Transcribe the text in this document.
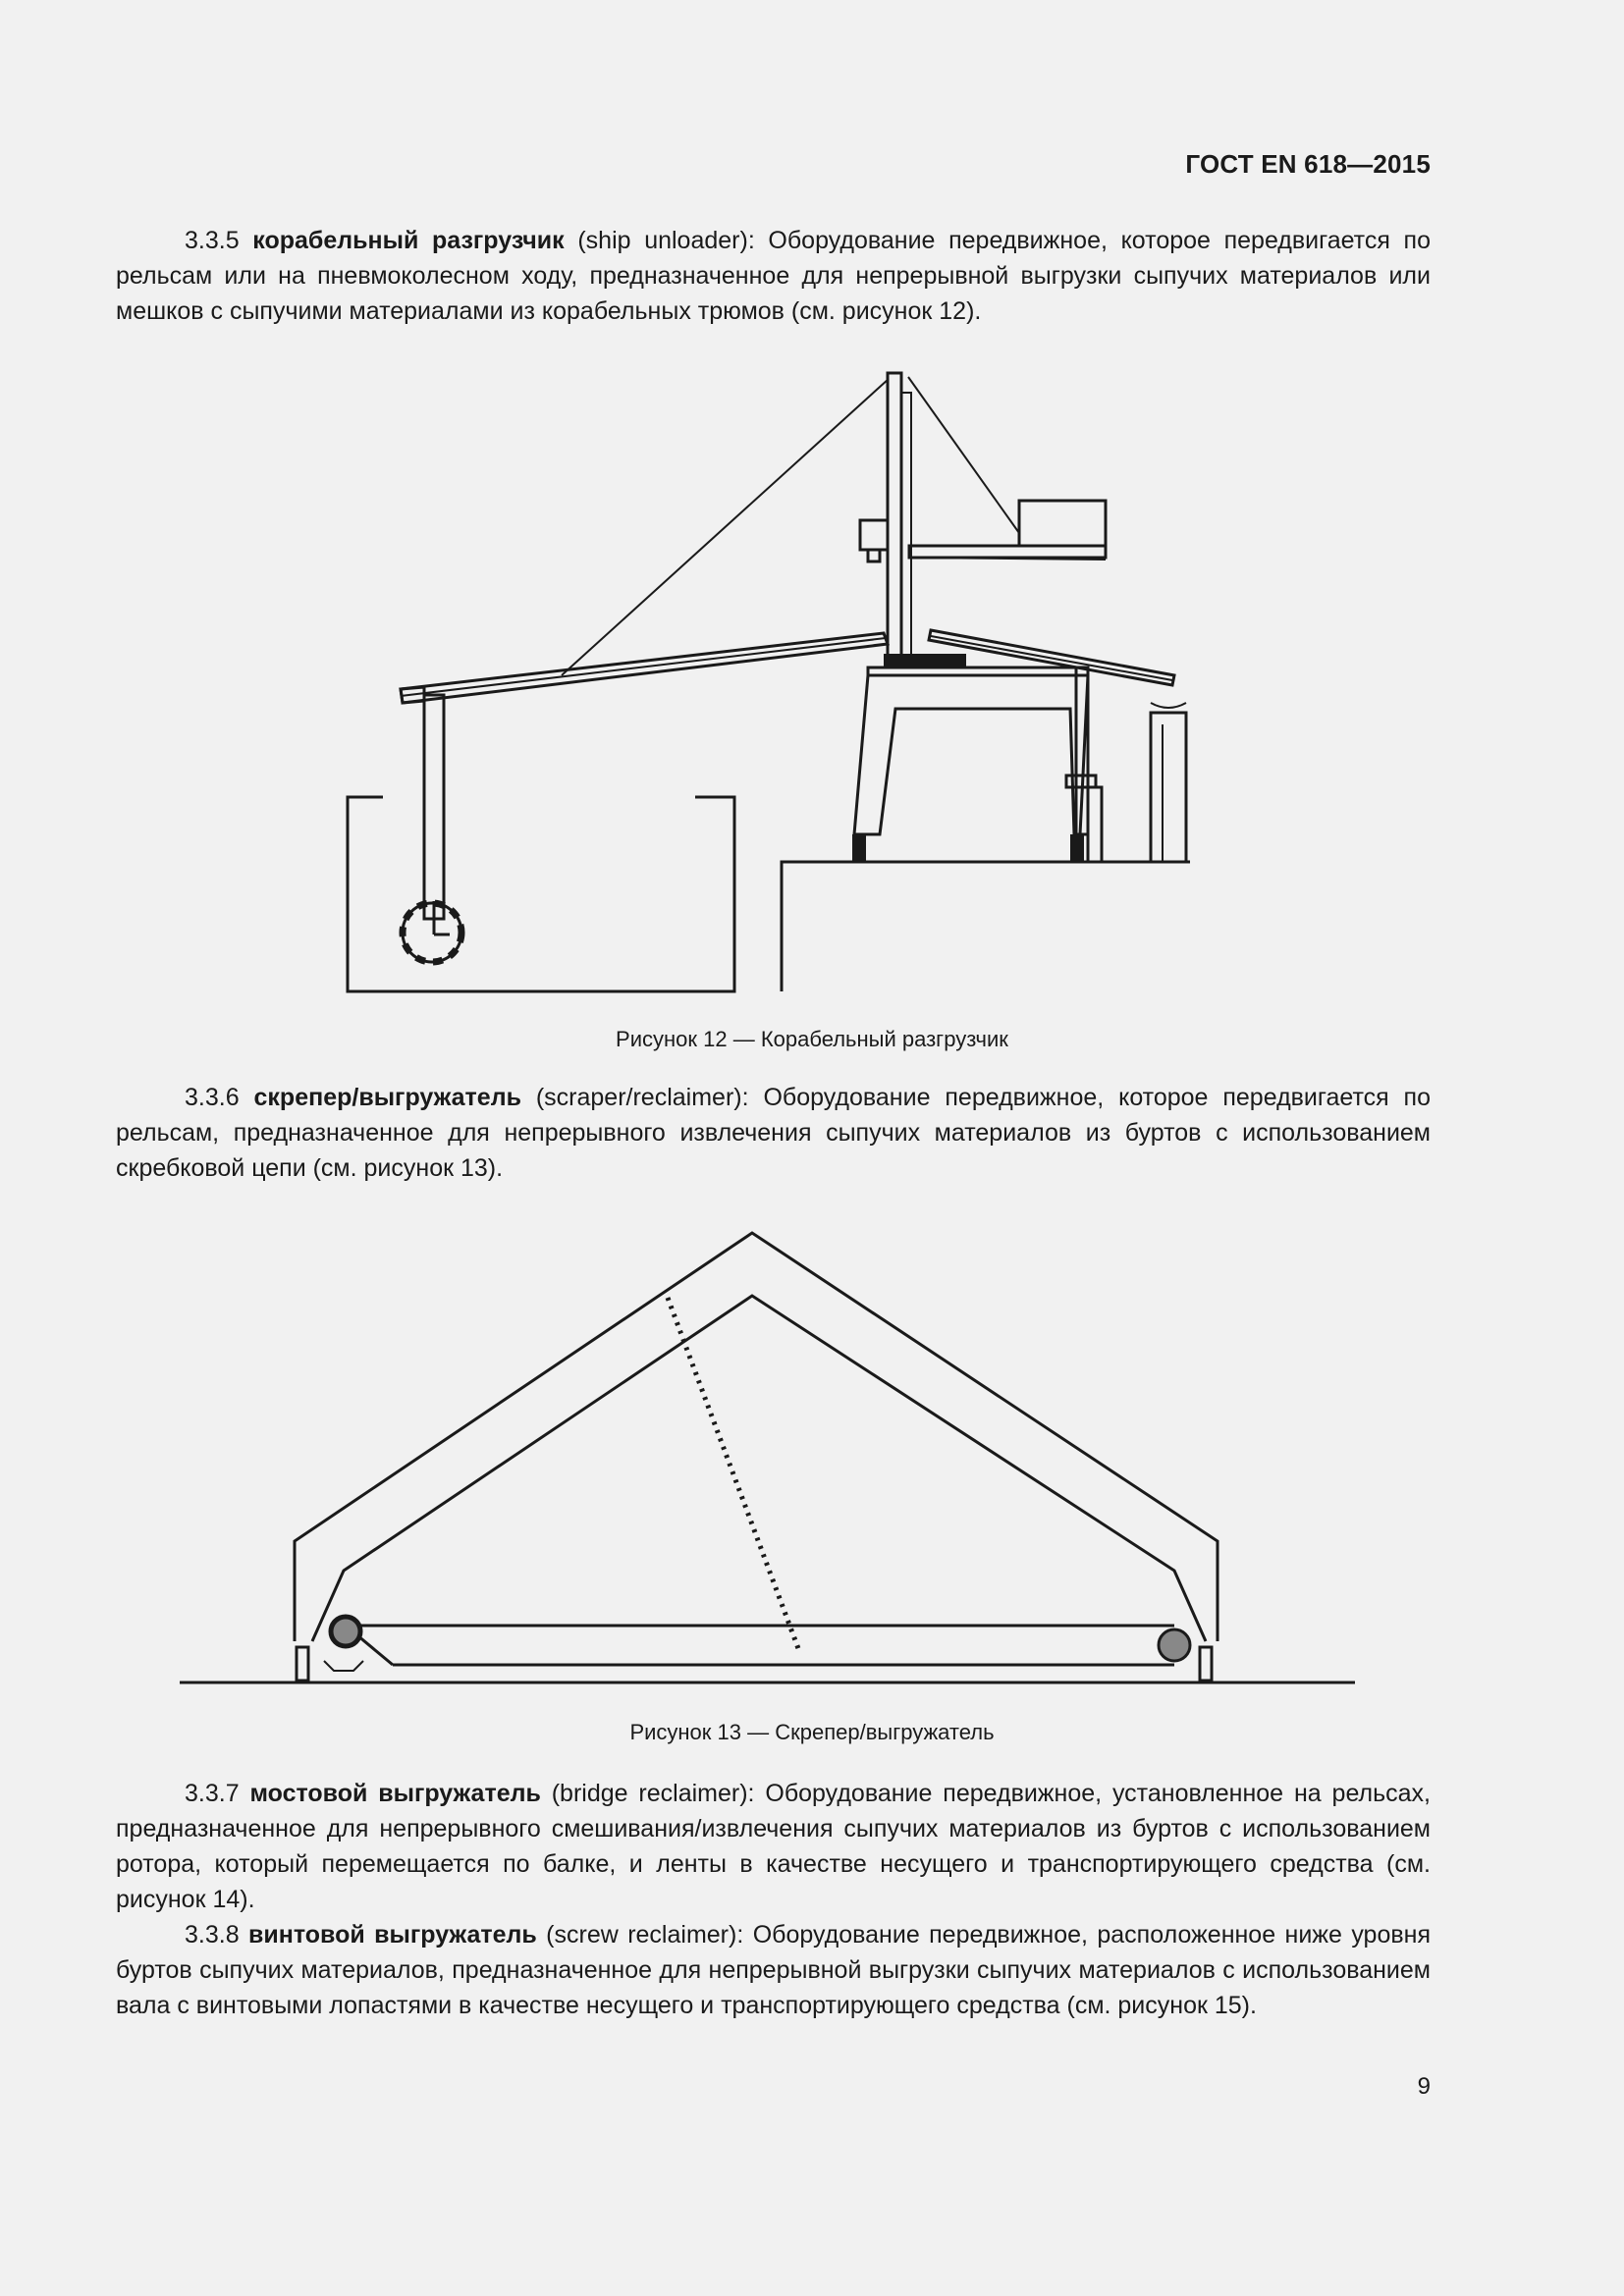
ГОСТ EN 618—2015
3.3.5 корабельный разгрузчик (ship unloader): Оборудование передвижное, которое передвигается по рельсам или на пневмоколесном ходу, предназначенное для непрерывной выгрузки сыпучих материалов или мешков с сыпучими материалами из корабельных трюмов (см. рисунок 12).
Рисунок 12 — Корабельный разгрузчик
3.3.6 скрепер/выгружатель (scraper/reclaimer): Оборудование передвижное, которое передвигается по рельсам, предназначенное для непрерывного извлечения сыпучих материалов из буртов с использованием скребковой цепи (см. рисунок 13).
Рисунок 13 — Скрепер/выгружатель
3.3.7 мостовой выгружатель (bridge reclaimer): Оборудование передвижное, установленное на рельсах, предназначенное для непрерывного смешивания/извлечения сыпучих материалов из буртов с использованием ротора, который перемещается по балке, и ленты в качестве несущего и транспортирующего средства (см. рисунок 14).
3.3.8 винтовой выгружатель (screw reclaimer): Оборудование передвижное, расположенное ниже уровня буртов сыпучих материалов, предназначенное для непрерывной выгрузки сыпучих материалов с использованием вала с винтовыми лопастями в качестве несущего и транспортирующего средства (см. рисунок 15).
9
